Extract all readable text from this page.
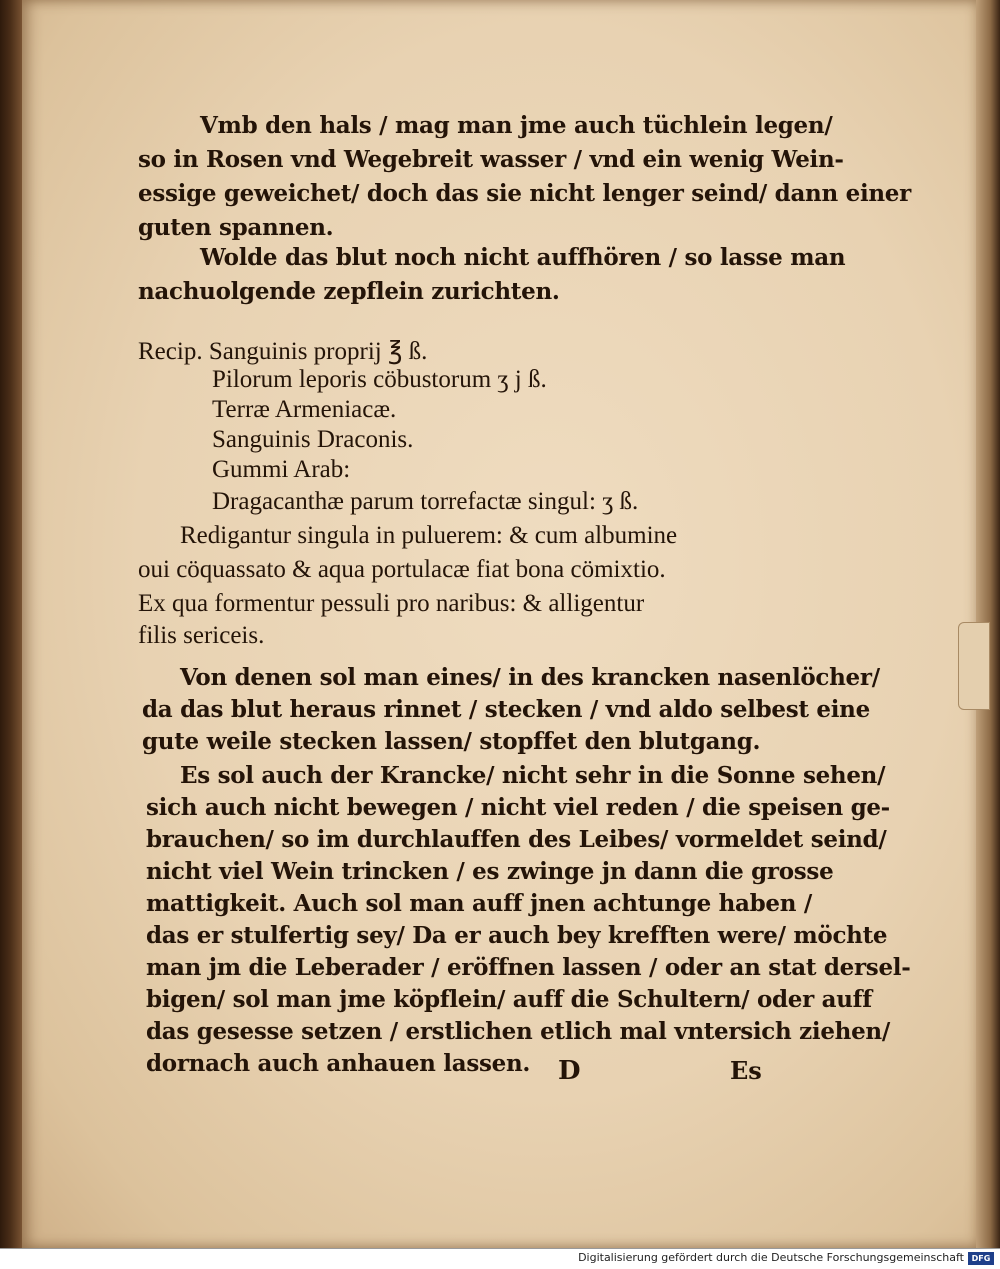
Vmb den hals / mag man jme auch tüchlein legen/
so in Rosen vnd Wegebreit wasser / vnd ein wenig Wein-
essige geweichet/ doch das sie nicht lenger seind/ dann einer
guten spannen.
Wolde das blut noch nicht auffhören / so lasse man
nachuolgende zepflein zurichten.
Recip. Sanguinis proprij ℥ ß.
Pilorum leporis cöbustorum ʒ j ß.
Terræ Armeniacæ.
Sanguinis Draconis.
Gummi Arab:
Dragacanthæ parum torrefactæ singul: ʒ ß.
Redigantur singula in puluerem: & cum albumine
oui cöquassato & aqua portulacæ fiat bona cömixtio.
Ex qua formentur pessuli pro naribus: & alligentur
filis sericeis.
Von denen sol man eines/ in des krancken nasenlöcher/
da das blut heraus rinnet / stecken / vnd aldo selbest eine
gute weile stecken lassen/ stopffet den blutgang.
Es sol auch der Krancke/ nicht sehr in die Sonne sehen/
sich auch nicht bewegen / nicht viel reden / die speisen ge-
brauchen/ so im durchlauffen des Leibes/ vormeldet seind/
nicht viel Wein trincken / es zwinge jn dann die grosse
mattigkeit. Auch sol man auff jnen achtunge haben /
das er stulfertig sey/ Da er auch bey krefften were/ möchte
man jm die Leberader / eröffnen lassen / oder an stat dersel-
bigen/ sol man jme köpflein/ auff die Schultern/ oder auff
das gesesse setzen / erstlichen etlich mal vntersich ziehen/
dornach auch anhauen lassen. D	Es
Digitalisierung gefördert durch die Deutsche Forschungsgemeinschaft DFG
